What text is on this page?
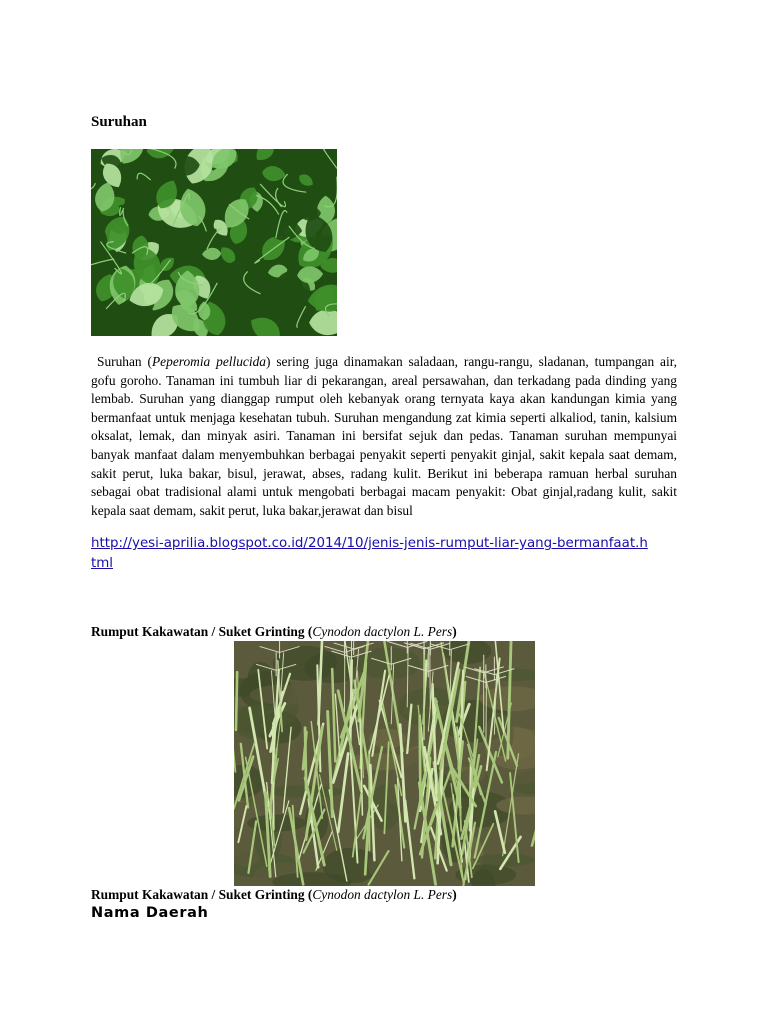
Suruhan
Suruhan (Peperomia pellucida) sering juga dinamakan saladaan, rangu-rangu, sladanan, tumpangan air, gofu goroho. Tanaman ini tumbuh liar di pekarangan, areal persawahan, dan terkadang pada dinding yang lembab. Suruhan yang dianggap rumput oleh kebanyak orang ternyata kaya akan kandungan kimia yang bermanfaat untuk menjaga kesehatan tubuh. Suruhan mengandung zat kimia seperti alkaliod, tanin, kalsium oksalat, lemak, dan minyak asiri. Tanaman ini bersifat sejuk dan pedas. Tanaman suruhan mempunyai banyak manfaat dalam menyembuhkan berbagai penyakit seperti penyakit ginjal, sakit kepala saat demam, sakit perut, luka bakar, bisul, jerawat, abses, radang kulit. Berikut ini beberapa ramuan herbal suruhan sebagai obat tradisional alami untuk mengobati berbagai macam penyakit: Obat ginjal,radang kulit, sakit kepala saat demam, sakit perut, luka bakar,jerawat dan bisul
http://yesi-aprilia.blogspot.co.id/2014/10/jenis-jenis-rumput-liar-yang-bermanfaat.html
Rumput Kakawatan / Suket Grinting (Cynodon dactylon L. Pers)
Rumput Kakawatan / Suket Grinting (Cynodon dactylon L. Pers)
Nama Daerah
